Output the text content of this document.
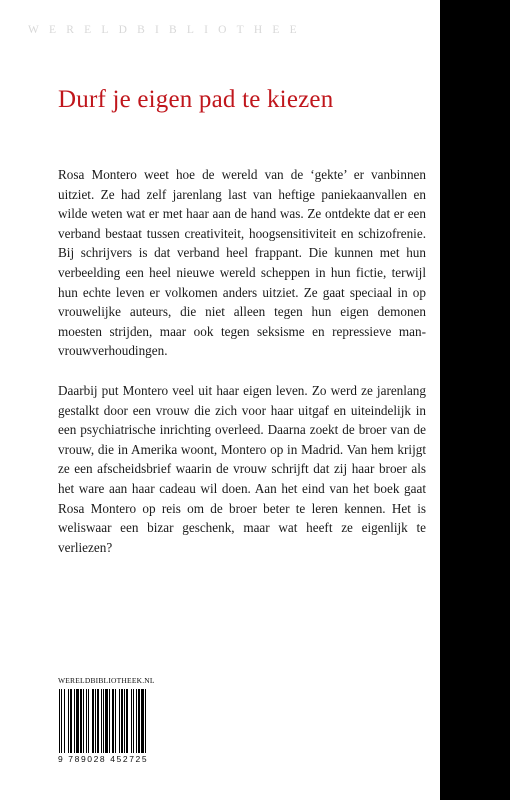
WERELDBIBLIOTHEEK
Durf je eigen pad te kiezen

Rosa Montero weet hoe de wereld van de ‘gekte’ er vanbinnen uitziet. Ze had zelf jarenlang last van heftige paniekaanvallen en wilde weten wat er met haar aan de hand was. Ze ontdekte dat er een verband bestaat tussen creativiteit, hoogsensitiviteit en schizofrenie. Bij schrijvers is dat verband heel frappant. Die kunnen met hun verbeelding een heel nieuwe wereld scheppen in hun fictie, terwijl hun echte leven er volkomen anders uitziet. Ze gaat speciaal in op vrouwelijke auteurs, die niet alleen tegen hun eigen demonen moesten strijden, maar ook tegen seksisme en repressieve man-vrouwverhoudingen.

Daarbij put Montero veel uit haar eigen leven. Zo werd ze jarenlang gestalkt door een vrouw die zich voor haar uitgaf en uiteindelijk in een psychiatrische inrichting overleed. Daarna zoekt de broer van de vrouw, die in Amerika woont, Montero op in Madrid. Van hem krijgt ze een afscheidsbrief waarin de vrouw schrijft dat zij haar broer als het ware aan haar cadeau wil doen. Aan het eind van het boek gaat Rosa Montero op reis om de broer beter te leren kennen. Het is weliswaar een bizar geschenk, maar wat heeft ze eigenlijk te verliezen?

WERELDBIBLIOTHEEK.NL
9 789028 452725
